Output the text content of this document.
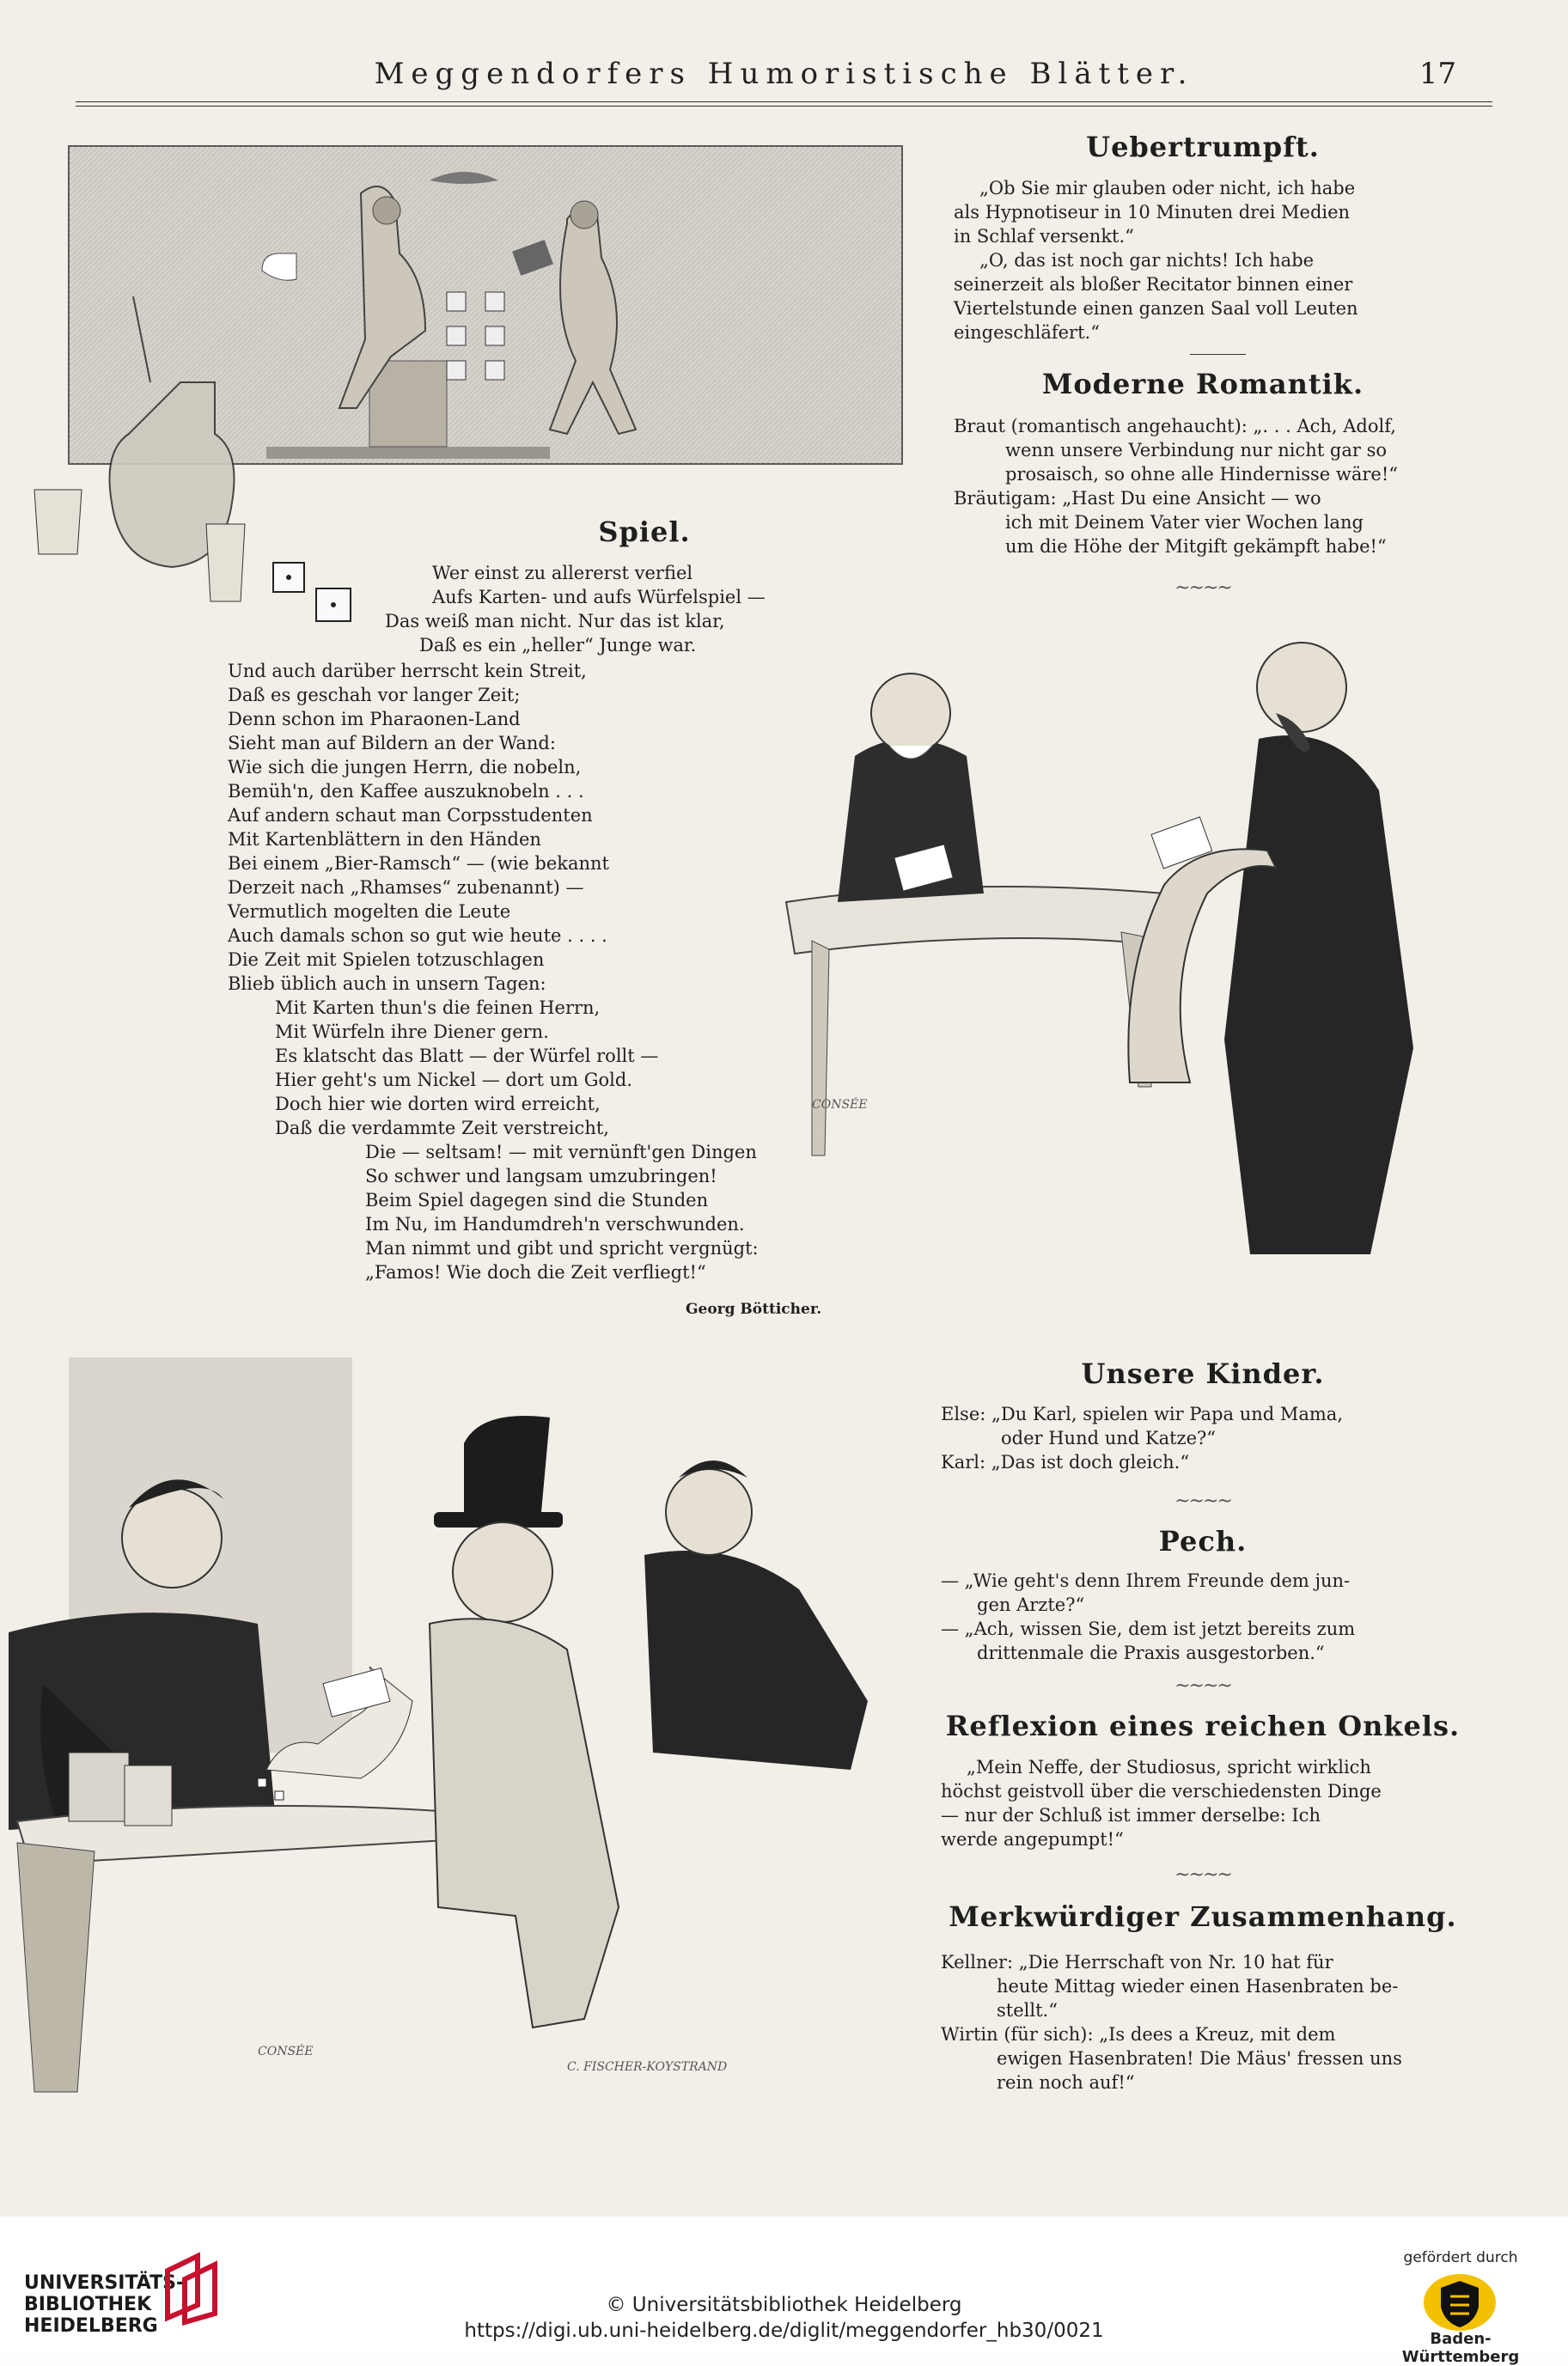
Meggendorfers Humoristische Blätter.	17
Spiel.
Wer einst zu allererst verfiel
Aufs Karten- und aufs Würfelspiel —
Das weiß man nicht. Nur das ist klar,
Daß es ein „heller“ Junge war.
Und auch darüber herrscht kein Streit,
Daß es geschah vor langer Zeit;
Denn schon im Pharaonen-Land
Sieht man auf Bildern an der Wand:
Wie sich die jungen Herrn, die nobeln,
Bemüh'n, den Kaffee auszuknobeln . . .
Auf andern schaut man Corpsstudenten
Mit Kartenblättern in den Händen
Bei einem „Bier-Ramsch“ — (wie bekannt
Derzeit nach „Rhamses“ zubenannt) —
Vermutlich mogelten die Leute
Auch damals schon so gut wie heute . . . .
Die Zeit mit Spielen totzuschlagen
Blieb üblich auch in unsern Tagen:
Mit Karten thun's die feinen Herrn,
Mit Würfeln ihre Diener gern.
Es klatscht das Blatt — der Würfel rollt —
Hier geht's um Nickel — dort um Gold.
Doch hier wie dorten wird erreicht,
Daß die verdammte Zeit verstreicht,
Die — seltsam! — mit vernünft'gen Dingen
So schwer und langsam umzubringen!
Beim Spiel dagegen sind die Stunden
Im Nu, im Handumdreh'n verschwunden.
Man nimmt und gibt und spricht vergnügt:
„Famos! Wie doch die Zeit verfliegt!“
Georg Bötticher.
CONSÉE
CONSÉE
C. FISCHER-KOYSTRAND
Uebertrumpft.
„Ob Sie mir glauben oder nicht, ich habe
als Hypnotiseur in 10 Minuten drei Medien
in Schlaf versenkt.“
„O, das ist noch gar nichts! Ich habe
seinerzeit als bloßer Recitator binnen einer
Viertelstunde einen ganzen Saal voll Leuten
eingeschläfert.“
Moderne Romantik.
Braut (romantisch angehaucht): „. . . Ach, Adolf,
wenn unsere Verbindung nur nicht gar so
prosaisch, so ohne alle Hindernisse wäre!“
Bräutigam: „Hast Du eine Ansicht — wo
ich mit Deinem Vater vier Wochen lang
um die Höhe der Mitgift gekämpft habe!“
~~~~
Unsere Kinder.
Else: „Du Karl, spielen wir Papa und Mama,
oder Hund und Katze?“
Karl: „Das ist doch gleich.“
~~~~
Pech.
— „Wie geht's denn Ihrem Freunde dem jun-
gen Arzte?“
— „Ach, wissen Sie, dem ist jetzt bereits zum
drittenmale die Praxis ausgestorben.“
~~~~
Reflexion eines reichen Onkels.
„Mein Neffe, der Studiosus, spricht wirklich
höchst geistvoll über die verschiedensten Dinge
— nur der Schluß ist immer derselbe: Ich
werde angepumpt!“
~~~~
Merkwürdiger Zusammenhang.
Kellner: „Die Herrschaft von Nr. 10 hat für
heute Mittag wieder einen Hasenbraten be-
stellt.“
Wirtin (für sich): „Is dees a Kreuz, mit dem
ewigen Hasenbraten! Die Mäus' fressen uns
rein noch auf!“
UNIVERSITÄTS-
BIBLIOTHEK
HEIDELBERG
© Universitätsbibliothek Heidelberg
https://digi.ub.uni-heidelberg.de/diglit/meggendorfer_hb30/0021
gefördert durch
Baden-Württemberg
